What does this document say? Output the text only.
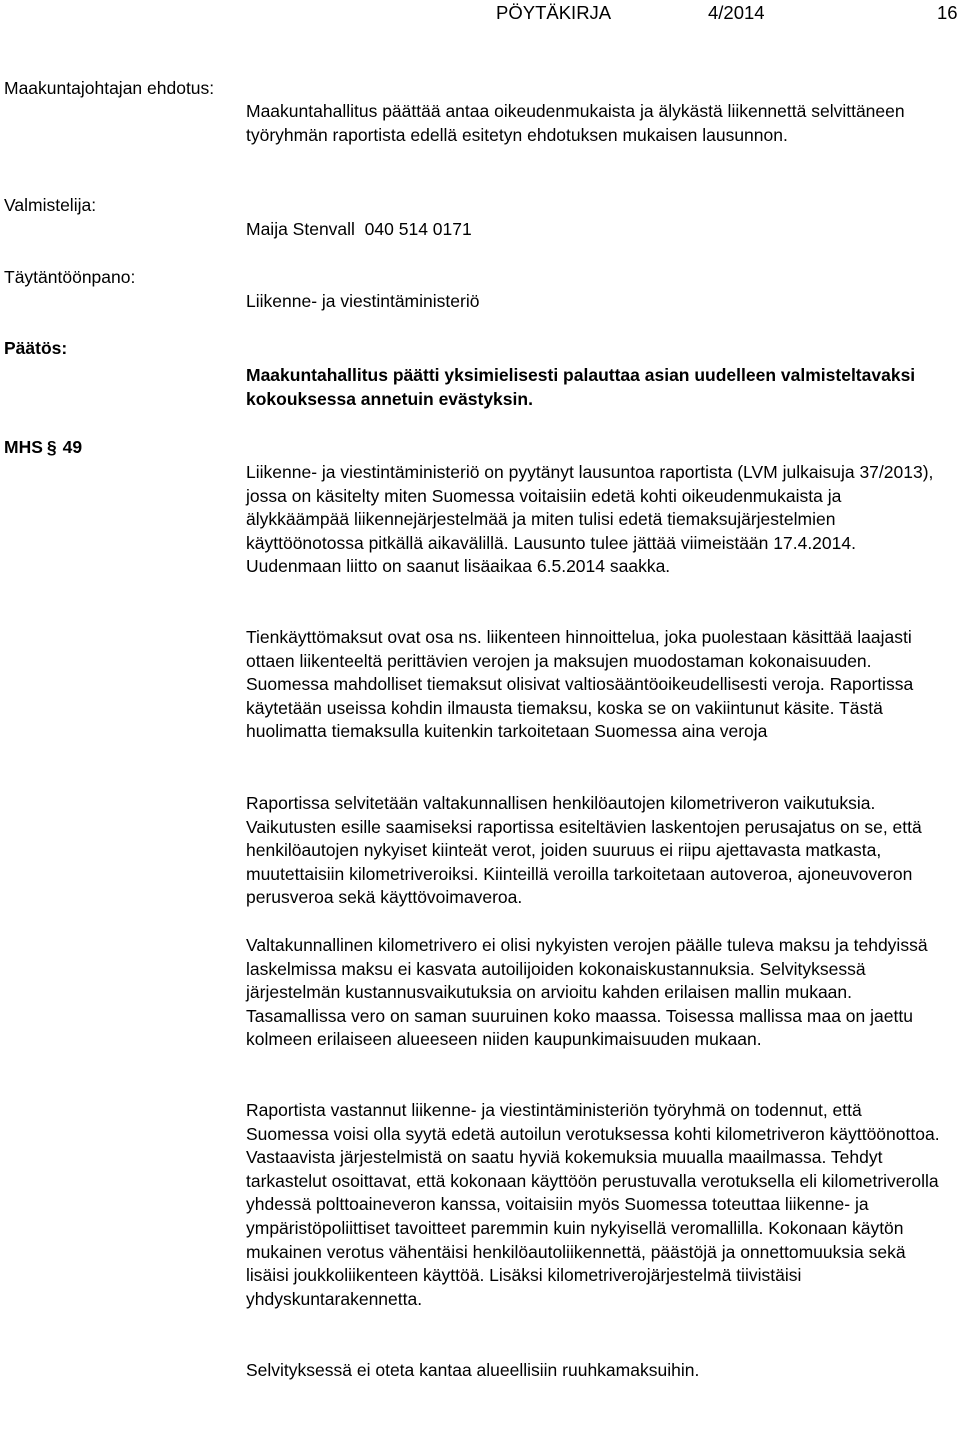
PÖYTÄKIRJA	4/2014	16
Maakuntajohtajan ehdotus:
Maakuntahallitus päättää antaa oikeudenmukaista ja älykästä liikennettä selvittäneen työryhmän raportista edellä esitetyn ehdotuksen mukaisen lausunnon.
Valmistelija:
Maija Stenvall  040 514 0171
Täytäntöönpano:
Liikenne- ja viestintäministeriö
Päätös:
Maakuntahallitus päätti yksimielisesti palauttaa asian uudelleen valmisteltavaksi kokouksessa annetuin evästyksin.
MHS § 49
Liikenne- ja viestintäministeriö on pyytänyt lausuntoa raportista (LVM julkaisuja 37/2013), jossa on käsitelty miten Suomessa voitaisiin edetä kohti oikeudenmukaista ja älykkäämpää liikennejärjestelmää ja miten tulisi edetä tiemaksujärjestelmien käyttöönotossa pitkällä aikavälillä. Lausunto tulee jättää viimeistään 17.4.2014. Uudenmaan liitto on saanut lisäaikaa 6.5.2014 saakka.
Tienkäyttömaksut ovat osa ns. liikenteen hinnoittelua, joka puolestaan käsittää laajasti ottaen liikenteeltä perittävien verojen ja maksujen muodostaman kokonaisuuden. Suomessa mahdolliset tiemaksut olisivat valtiosääntöoikeudellisesti veroja. Raportissa käytetään useissa kohdin ilmausta tiemaksu, koska se on vakiintunut käsite. Tästä huolimatta tiemaksulla kuitenkin tarkoitetaan Suomessa aina veroja
Raportissa selvitetään valtakunnallisen henkilöautojen kilometriveron vaikutuksia. Vaikutusten esille saamiseksi raportissa esiteltävien laskentojen perusajatus on se, että henkilöautojen nykyiset kiinteät verot, joiden suuruus ei riipu ajettavasta matkasta, muutettaisiin kilometriveroiksi. Kiinteillä veroilla tarkoitetaan autoveroa, ajoneuvoveron perusveroa sekä käyttövoimaveroa.
Valtakunnallinen kilometrivero ei olisi nykyisten verojen päälle tuleva maksu ja tehdyissä laskelmissa maksu ei kasvata autoilijoiden kokonaiskustannuksia. Selvityksessä järjestelmän kustannusvaikutuksia on arvioitu kahden erilaisen mallin mukaan. Tasamallissa vero on saman suuruinen koko maassa. Toisessa mallissa maa on jaettu kolmeen erilaiseen alueeseen niiden kaupunkimaisuuden mukaan.
Raportista vastannut liikenne- ja viestintäministeriön työryhmä on todennut, että Suomessa voisi olla syytä edetä autoilun verotuksessa kohti kilometriveron käyttöönottoa. Vastaavista järjestelmistä on saatu hyviä kokemuksia muualla maailmassa. Tehdyt tarkastelut osoittavat, että kokonaan käyttöön perustuvalla verotuksella eli kilometriverolla yhdessä polttoaineveron kanssa, voitaisiin myös Suomessa toteuttaa liikenne- ja ympäristöpoliittiset tavoitteet paremmin kuin nykyisellä veromallilla. Kokonaan käytön mukainen verotus vähentäisi henkilöautoliikennettä, päästöjä ja onnettomuuksia sekä lisäisi joukkoliikenteen käyttöä. Lisäksi kilometriverojärjestelmä tiivistäisi yhdyskuntarakennetta.
Selvityksessä ei oteta kantaa alueellisiin ruuhkamaksuihin.
